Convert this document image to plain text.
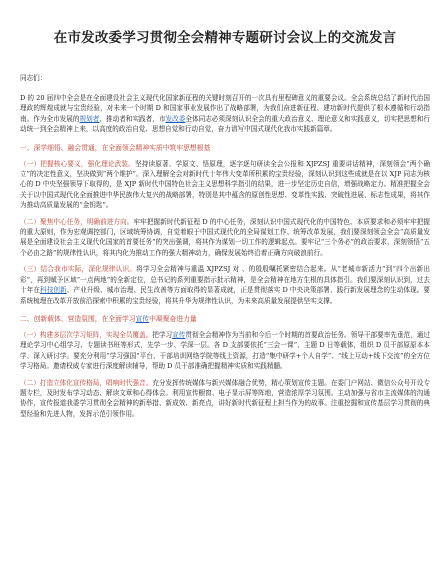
在市发改委学习贯彻全会精神专题研讨会议上的交流发言
同志们：

D 的 20 届四中全会是在全面建设社会主义现代化国家新征程的关键时刻召开的一次具有里程碑意义的重要会议。全会系统总结了新时代治国理政的辉煌成就与宝贵经验，对未来一个时期 D 和国家事业发展作出了战略部署，为我们奋进新征程、建功新时代提供了根本遵循和行动指南。作为全市发展的规划者、推动者和实践者，市发改委全体同志必须深刻认识全会的重大政治意义、理论意义和实践意义，切实把思想和行动统一到全会精神上来，以高度的政治自觉、思想自觉和行动自觉，奋力谱写中国式现代化我市实践新篇章。

一、深学细悟、融会贯通，在全面领会精神实质中筑牢思想根基

（一）把握核心要义，强化理论武装。坚持读原著、学原文、悟原理，逐字逐句研读全会公报和 XJPZSJ 重要讲话精神，深刻领会“两个确立”的决定性意义，坚决做到“两个维护”。深入理解全会对新时代十年伟大变革所积累的宝贵经验，深刻认识到这些成就是在以 XJP 同志为核心的 D 中央坚强领导下取得的，是 XJP 新时代中国特色社会主义思想科学指引的结果，进一步坚定历史自信，增强战略定力。精准把握全会关于以中国式现代化全面推进中华民族伟大复兴的战略部署，特别是其中蕴含的原创性思想、变革性实践、突破性进展、标志性成果，将其作为推动高质量发展的“金钥匙”。

（二）聚焦中心任务，明确前进方向。牢牢把握新时代新征程 D 的中心任务，深刻认识中国式现代化的中国特色、本质要求和必须牢牢把握的重大原则，作为宏观调控部门，区域统筹协调，自觉着眼于中国式现代化的全局谋划工作、统筹改革发展，我们要深刻领会全会“高质量发展是全面建设社会主义现代化国家的首要任务”的突出强调，将其作为谋划一切工作的逻辑起点。要牢记“三个务必”的政治要求，深刻领悟“五个必由之路”的规律性认识，将其内化为推动工作的强大精神动力，确保发展始终沿着正确方向破浪前行。

（三）结合我市实际，深化规律认识。将学习全会精神与重温 XJPZSJ 对 、的殷殷嘱托紧密结合起来。从“老城市新活力”到“四个出新出彩”，再到赋予区域“一点两地”的全新定位，总书记的系列重要指示批示精神，是全会精神在地方生根的具体指引。我们要深刻认识到，过去十年在科技创新、产业升级、城市治理、民生改善等方面取得的显著成就，正是贯彻落实 D 中央决策部署、践行新发展理念的生动体现。要系统梳理在改革开放前沿探索中积累的宝贵经验，将其升华为规律性认识，为未来高质量发展提供坚实支撑。

二、创新载体、营造氛围，在全面学习宣传中凝聚奋进力量

（一）构建多层次学习矩阵，实现全员覆盖。把学习宣传贯彻全会精神作为当前和今后一个时期的首要政治任务。领导干部要率先垂范，通过理论学习中心组学习、专题读书班等形式，先学一步、学深一层。各 D 支部要依托“三会一课”、主题 D 日等载体，组织 D 员干部原原本本学、深入研讨学。要充分利用“学习强国”平台、干部培训网络学院等线上资源，打造“集中研学+个人自学”、“线上互动+线下交流”的全方位学习格局。邀请权威专家进行深度解读辅导，帮助 D 员干部准确把握精神实质和实践精髓。

（二）打造立体化宣传格局，唱响时代强音。充分发挥传统媒体与新兴媒体融合优势，精心策划宣传主题。在委门户网站、微信公众号开设专题专栏，及时发布学习动态、解读文章和心得体会。利用宣传橱窗、电子显示屏等阵地，营造浓厚学习氛围。主动加强与省市主流媒体的沟通协作，宣传报道我委学习贯彻全会精神的新举措、新成效、新亮点，讲好新时代新征程上担当作为的故事。注重挖掘和宣传基层学习贯彻的典型经验和先进人物，发挥示范引领作用。
